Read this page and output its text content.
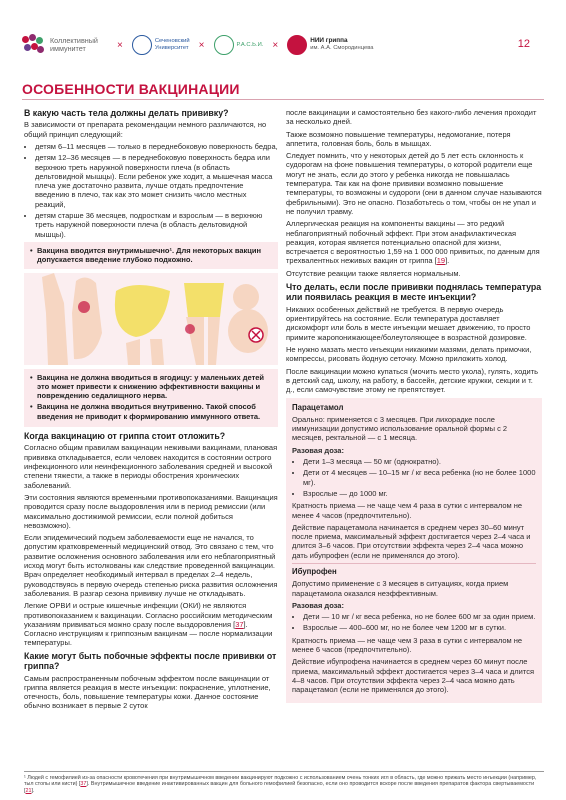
Коллективный
иммунитет	×	Сеченовский
Университет ×	Р.А.С.Ь.И. ×	НИИ гриппа
им. А.А. Смородинцева	12
ОСОБЕННОСТИ ВАКЦИНАЦИИ
В какую часть тела должны делать прививку?

В зависимости от препарата рекомендации немного различаются, но общий принцип следующий:

• детям 6–11 месяцев — только в переднебоковую поверхность бедра,
• детям 12–36 месяцев — в переднебоковую поверхность бедра или верхнюю треть наружной поверхности плеча (в область дельтовидной мышцы). Если ребенок уже ходит, а мышечная масса плеча уже достаточно развита, лучше отдать предпочтение введению в плечо, так как это может снизить число местных реакций,
• детям старше 36 месяцев, подросткам и взрослым — в верхнюю треть наружной поверхности плеча (в область дельтовидной мышцы).
• Вакцина вводится внутримышечно¹. Для некоторых вакцин допускается введение глубоко подкожно.
• Вакцина не должна вводиться в ягодицу: у маленьких детей это может привести к снижению эффективности вакцины и повреждению седалищного нерва.
• Вакцина не должна вводиться внутривенно. Такой способ введения не приводит к формированию иммунного ответа.
Когда вакцинацию от гриппа стоит отложить?

Согласно общим правилам вакцинации неживыми вакцинами, плановая прививка откладывается, если человек находится в состоянии острого инфекционного или неинфекционного заболевания средней и высокой степени тяжести, а также в периоды обострения хронических заболеваний.

Эти состояния являются временными противопоказаниями. Вакцинация проводится сразу после выздоровления или в период ремиссии (или максимально достижимой ремиссии, если полной добиться невозможно).

Если эпидемический подъем заболеваемости еще не начался, то допустим кратковременный медицинский отвод. Это связано с тем, что развитие осложнения основного заболевания или его неблагоприятный исход могут быть истолкованы как следствие проведенной вакцинации. Врач определяет необходимый интервал в пределах 2–4 недель, руководствуясь в первую очередь степенью риска развития осложнения заболевания. В разгар сезона прививку лучше не откладывать.

Легкие ОРВИ и острые кишечные инфекции (ОКИ) не являются противопоказанием к вакцинации. Согласно российским методическим указаниям прививаться можно сразу после выздоровления [37]. Согласно инструкциям к гриппозным вакцинам — после нормализации температуры.

Какие могут быть побочные эффекты после прививки от гриппа?

Самым распространенным побочным эффектом после вакцинации от гриппа является реакция в месте инъекции: покраснение, уплотнение, отечность, боль, повышение температуры кожи. Данное состояние обычно возникает в первые 2 суток

после вакцинации и самостоятельно без какого-либо лечения проходит за несколько дней.

Также возможно повышение температуры, недомогание, потеря аппетита, головная боль, боль в мышцах.

Следует помнить, что у некоторых детей до 5 лет есть склонность к судорогам на фоне повышения температуры, о которой родители еще могут не знать, если до этого у ребенка никогда не повышалась температура. Так как на фоне прививки возможно повышение температуры, то возможны и судороги (они в данном случае называются фебрильными). Это не опасно. Позаботьтесь о том, чтобы он не упал и не получил травму.

Аллергическая реакция на компоненты вакцины — это редкий неблагоприятный побочный эффект. При этом анафилактическая реакция, которая является потенциально опасной для жизни, встречается с вероятностью 1,59 на 1 000 000 привитых, по данным для трехвалентных неживых вакцин от гриппа [19].

Отсутствие реакции также является нормальным.

Что делать, если после прививки поднялась температура или появилась реакция в месте инъекции?

Никаких особенных действий не требуется. В первую очередь ориентируйтесь на состояние. Если температура доставляет дискомфорт или боль в месте инъекции мешает движению, то просто примите жаропонижающее/болеутоляющее в возрастной дозировке.

Не нужно мазать место инъекции никакими мазями, делать примочки, компрессы, рисовать йодную сеточку. Можно приложить холод.

После вакцинации можно купаться (мочить место укола), гулять, ходить в детский сад, школу, на работу, в бассейн, детские кружки, секции и т. д., если самочувствие этому не препятствует.

Парацетамол

Орально: применяется с 3 месяцев. При лихорадке после иммунизации допустимо использование оральной формы с 2 месяцев, ректальной — с 1 месяца.

Разовая доза:
• Дети 1–3 месяца — 50 мг (однократно).
• Дети от 4 месяцев — 10–15 мг / кг веса ребенка (но не более 1000 мг).
• Взрослые — до 1000 мг.

Кратность приема — не чаще чем 4 раза в сутки с интервалом не менее 4 часов (предпочтительно).

Действие парацетамола начинается в среднем через 30–60 минут после приема, максимальный эффект достигается через 2–4 часа и длится 3–6 часов. При отсутствии эффекта через 2–4 часа можно дать ибупрофен (если не применялся до этого).

Ибупрофен

Допустимо применение с 3 месяцев в ситуациях, когда прием парацетамола оказался неэффективным.

Разовая доза:
• Дети — 10 мг / кг веса ребенка, но не более 600 мг за один прием.
• Взрослые — 400–600 мг, но не более чем 1200 мг в сутки.

Кратность приема — не чаще чем 3 раза в сутки с интервалом не менее 6 часов (предпочтительно).

Действие ибупрофена начинается в среднем через 60 минут после приема, максимальный эффект достигается через 3–4 часа и длится 4–8 часов. При отсутствии эффекта через 2–4 часа можно дать парацетамол (если не применялся до этого).

¹ Людей с гемофилией из-за опасности кровотечения при внутримышечном введении вакцинируют подкожно с использованием очень тонких игл в область, где можно прижать место инъекции (например, тыл стопы или кисти) [37]. Внутримышечное введение инактивированных вакцин для больного гемофилией безопасно, если оно проводится вскоре после введения препаратов фактора свертываемости [21].
